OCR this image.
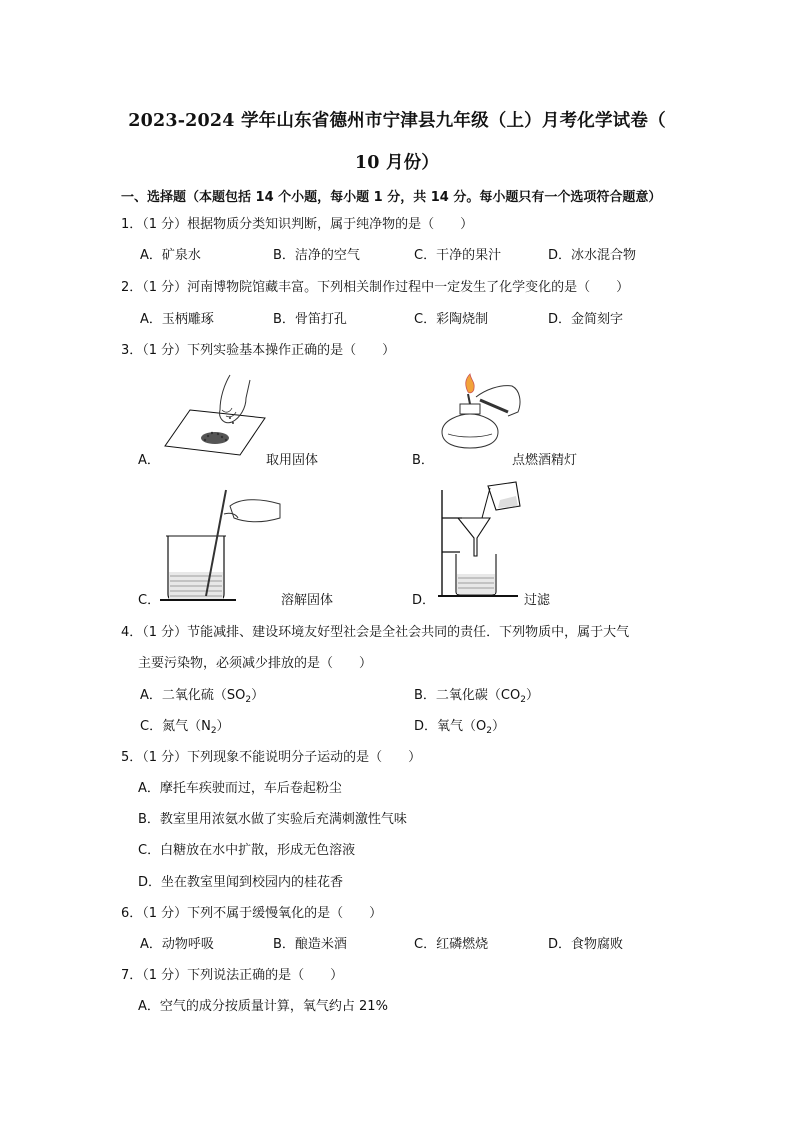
2023-2024 学年山东省德州市宁津县九年级（上）月考化学试卷（
10 月份）
一、选择题（本题包括 14 个小题，每小题 1 分，共 14 分。每小题只有一个选项符合题意）
1．（1 分）根据物质分类知识判断，属于纯净物的是（　　）
A．矿泉水	B．洁净的空气	C．干净的果汁	D．冰水混合物
2．（1 分）河南博物院馆藏丰富。下列相关制作过程中一定发生了化学变化的是（　　）
A．玉柄雕琢	B．骨笛打孔	C．彩陶烧制	D．金简刻字
3．（1 分）下列实验基本操作正确的是（　　）
A．	取用固体	B．	点燃酒精灯
C．	溶解固体	D．	过滤
4．（1 分）节能减排、建设环境友好型社会是全社会共同的责任．下列物质中，属于大气
主要污染物，必须减少排放的是（　　）
A．二氧化硫$(SO_2)$	B．二氧化碳$(CO_2)$
C．氮气$(N_2)$	D．氧气$(O_2)$
5．（1 分）下列现象不能说明分子运动的是（　　）
A．摩托车疾驶而过，车后卷起粉尘
B．教室里用浓氨水做了实验后充满刺激性气味
C．白糖放在水中扩散，形成无色溶液
D．坐在教室里闻到校园内的桂花香
6．（1 分）下列不属于缓慢氧化的是（　　）
A．动物呼吸	B．酿造米酒	C．红磷燃烧	D．食物腐败
7．（1 分）下列说法正确的是（　　）
A．空气的成分按质量计算，氧气约占 21%
